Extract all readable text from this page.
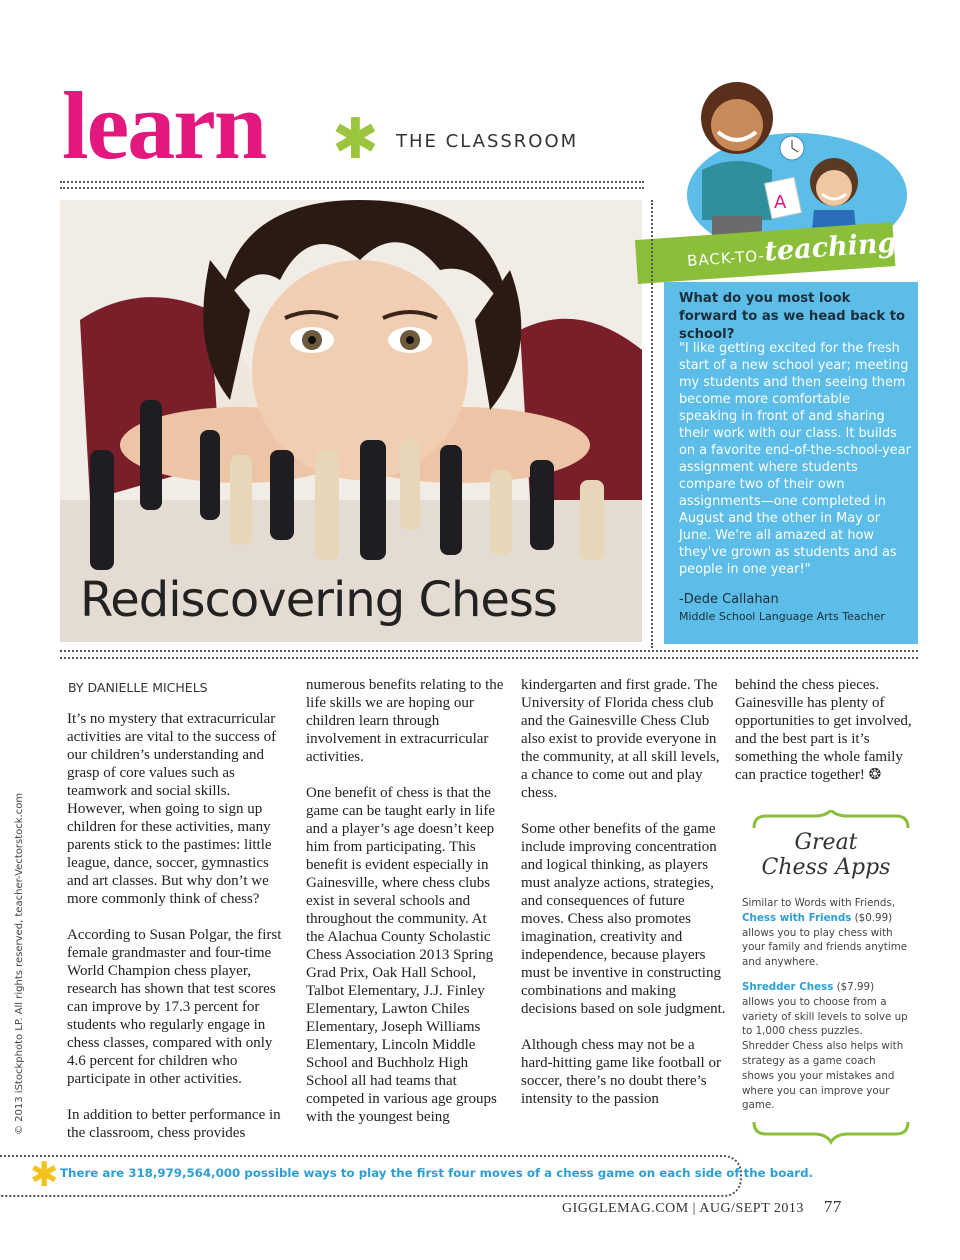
learn ✱ THE CLASSROOM
Rediscovering Chess
A
BACK-TO-teaching!
What do you most look forward to as we head back to school?
"I like getting excited for the fresh start of a new school year; meeting my students and then seeing them become more comfortable speaking in front of and sharing their work with our class. It builds on a favorite end-of-the-school-year assignment where students compare two of their own assignments—one completed in August and the other in May or June. We're all amazed at how they've grown as students and as people in one year!"
-Dede Callahan
Middle School Language Arts Teacher
BY DANIELLE MICHELS

It’s no mystery that extracurricular activities are vital to the success of our children’s understanding and grasp of core values such as teamwork and social skills. However, when going to sign up children for these activities, many parents stick to the pastimes: little league, dance, soccer, gymnastics and art classes. But why don’t we more commonly think of chess?

According to Susan Polgar, the first female grandmaster and four-time World Champion chess player, research has shown that test scores can improve by 17.3 percent for students who regularly engage in chess classes, compared with only 4.6 percent for children who participate in other activities.

In addition to better performance in the classroom, chess provides

numerous benefits relating to the life skills we are hoping our children learn through involvement in extracurricular activities.

One benefit of chess is that the game can be taught early in life and a player’s age doesn’t keep him from participating. This benefit is evident especially in Gainesville, where chess clubs exist in several schools and throughout the community. At the Alachua County Scholastic Chess Association 2013 Spring Grad Prix, Oak Hall School, Talbot Elementary, J.J. Finley Elementary, Lawton Chiles Elementary, Joseph Williams Elementary, Lincoln Middle School and Buchholz High School all had teams that competed in various age groups with the youngest being

kindergarten and first grade. The University of Florida chess club and the Gainesville Chess Club also exist to provide everyone in the community, at all skill levels, a chance to come out and play chess.

Some other benefits of the game include improving concentration and logical thinking, as players must analyze actions, strategies, and consequences of future moves. Chess also promotes imagination, creativity and independence, because players must be inventive in constructing combinations and making decisions based on sole judgment.

Although chess may not be a hard-hitting game like football or soccer, there’s no doubt there’s intensity to the passion

behind the chess pieces. Gainesville has plenty of opportunities to get involved, and the best part is it’s something the whole family can practice together! ❂

© 2013 iStockphoto LP. All rights reserved, teacher-Vectorstock.com	Great
Chess Apps

Similar to Words with Friends,
Chess with Friends ($0.99) allows you to play chess with your family and friends anytime and anywhere.

Shredder Chess ($7.99) allows you to choose from a variety of skill levels to solve up to 1,000 chess puzzles. Shredder Chess also helps with strategy as a game coach shows you your mistakes and where you can improve your game.

✱ There are 318,979,564,000 possible ways to play the first four moves of a chess game on each side of the board.
GIGGLEMAG.COM | AUG/SEPT 2013 77
